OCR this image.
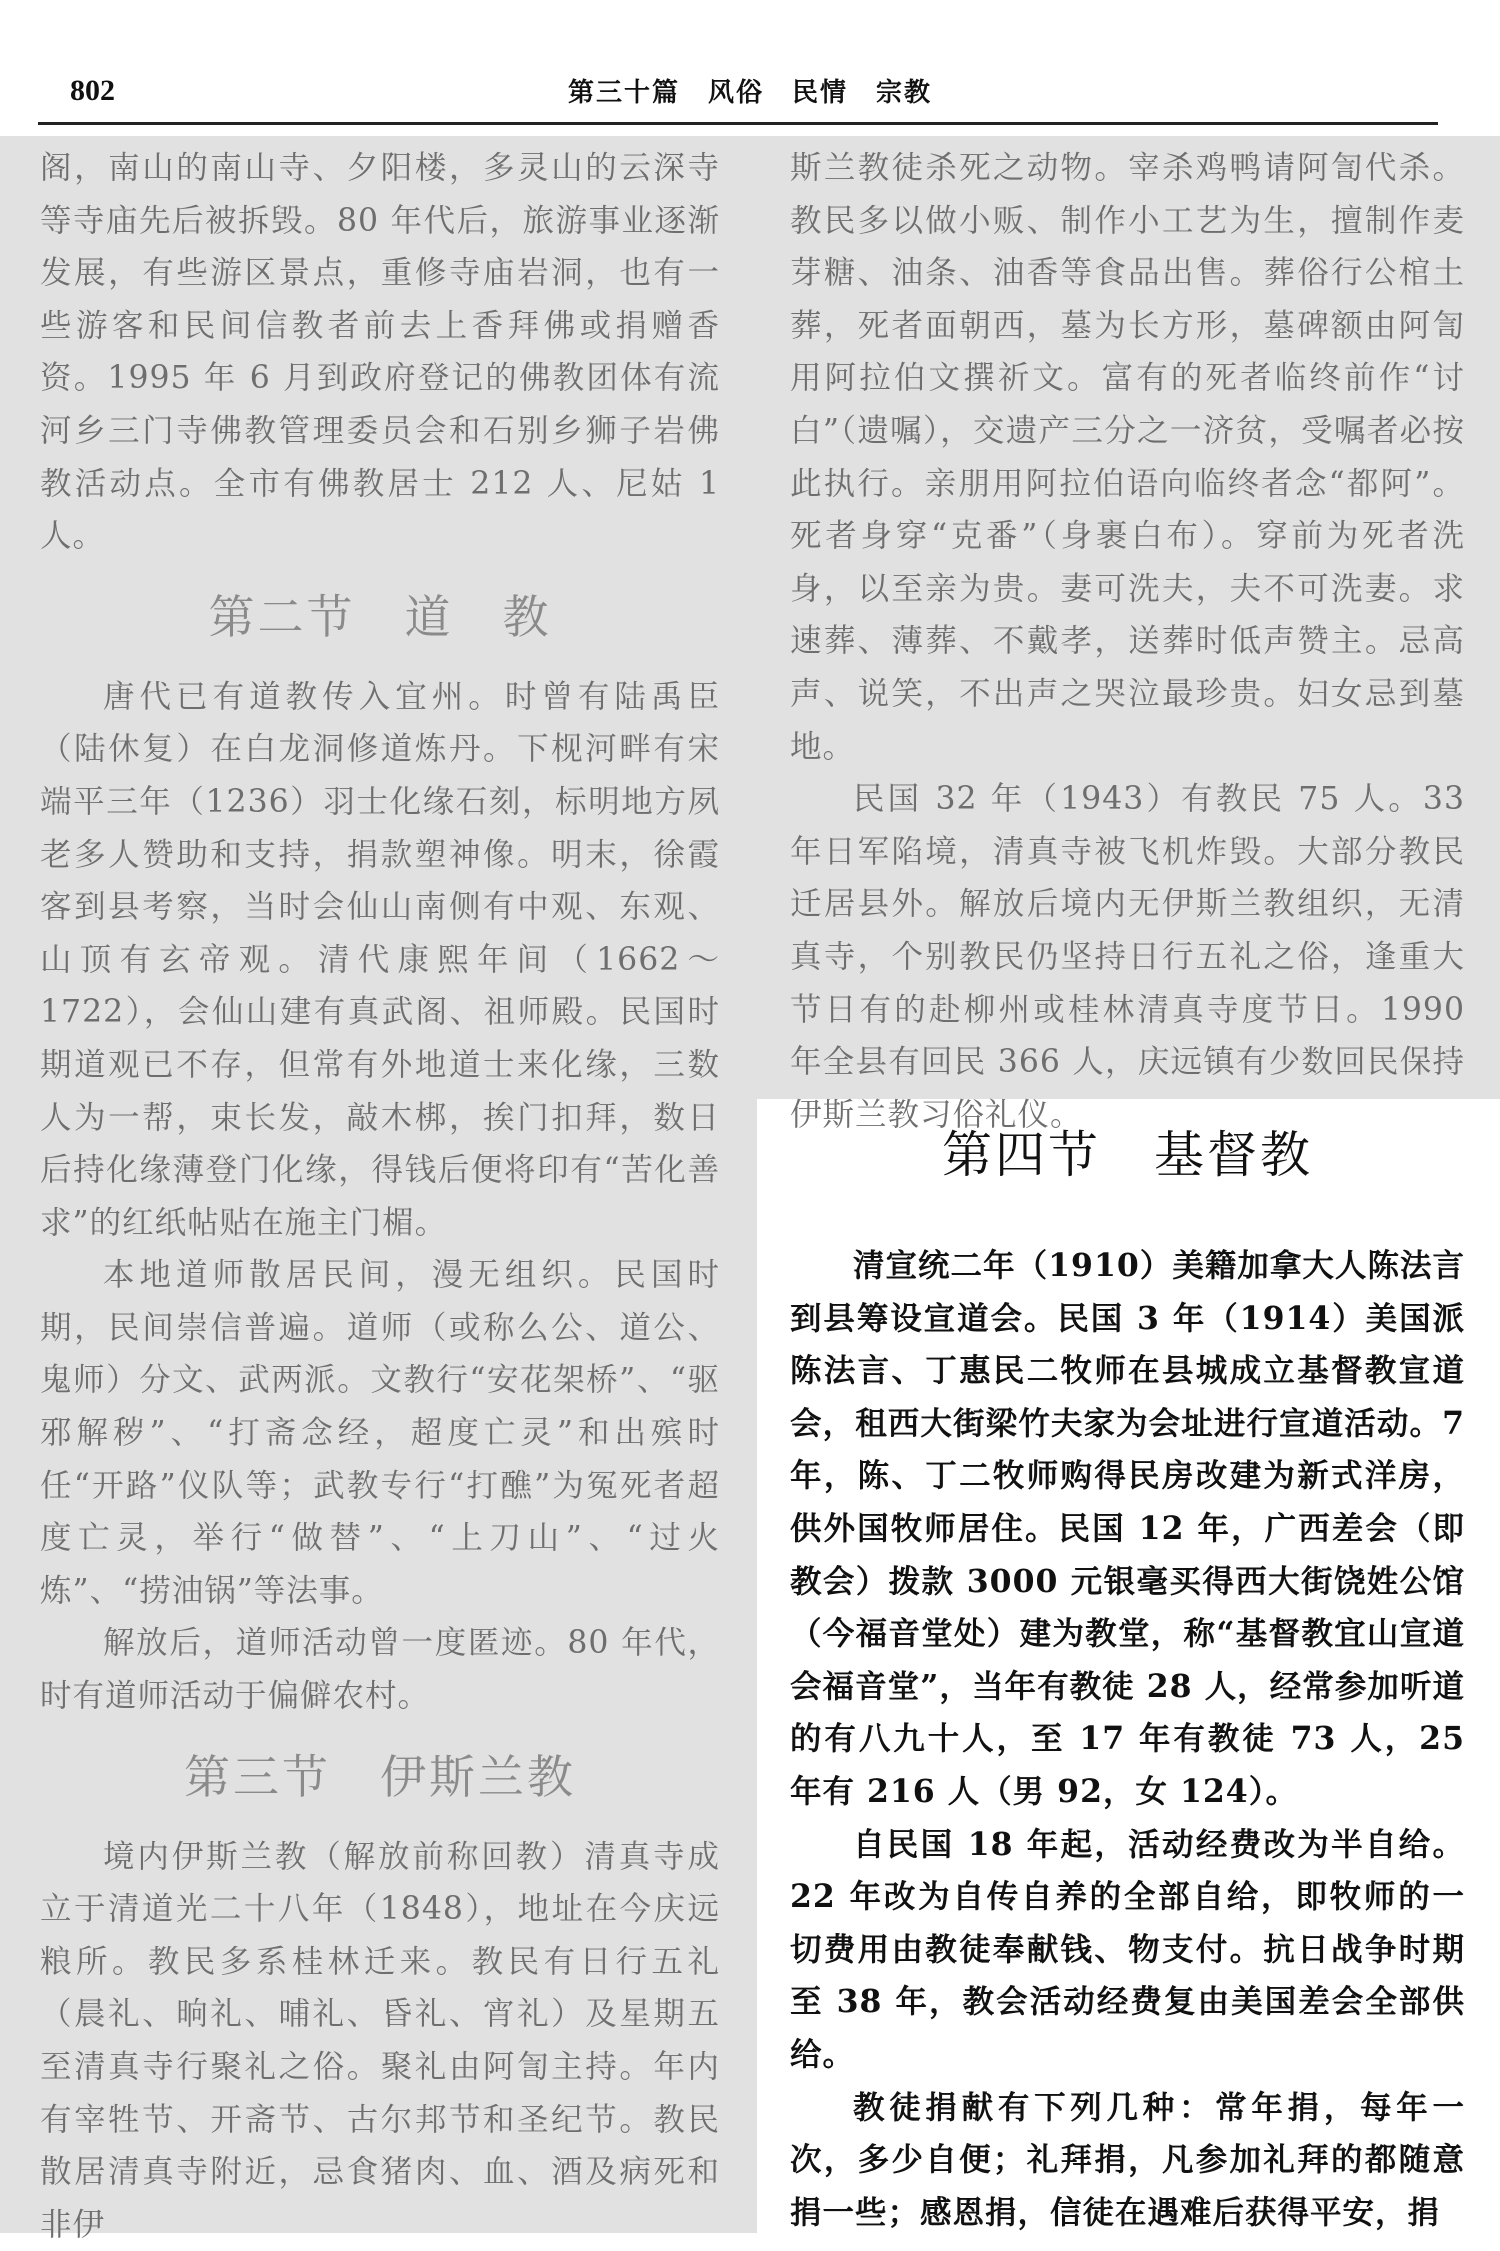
802	第三十篇　风俗　民情　宗教

阁，南山的南山寺、夕阳楼，多灵山的云深寺等寺庙先后被拆毁。80 年代后，旅游事业逐渐发展，有些游区景点，重修寺庙岩洞，也有一些游客和民间信教者前去上香拜佛或捐赠香资。1995 年 6 月到政府登记的佛教团体有流河乡三门寺佛教管理委员会和石别乡狮子岩佛教活动点。全市有佛教居士 212 人、尼姑 1 人。

第二节　道　教

唐代已有道教传入宜州。时曾有陆禹臣（陆休复）在白龙洞修道炼丹。下枧河畔有宋端平三年（1236）羽士化缘石刻，标明地方夙老多人赞助和支持，捐款塑神像。明末，徐霞客到县考察，当时会仙山南侧有中观、东观、山顶有玄帝观。清代康熙年间（1662～1722），会仙山建有真武阁、祖师殿。民国时期道观已不存，但常有外地道士来化缘，三数人为一帮，束长发，敲木梆，挨门扣拜，数日后持化缘薄登门化缘，得钱后便将印有“苦化善求”的红纸帖贴在施主门楣。

本地道师散居民间，漫无组织。民国时期，民间崇信普遍。道师（或称么公、道公、鬼师）分文、武两派。文教行“安花架桥”、“驱邪解秽”、“打斋念经，超度亡灵”和出殡时任“开路”仪队等；武教专行“打醮”为冤死者超度亡灵，举行“做替”、“上刀山”、“过火炼”、“捞油锅”等法事。

解放后，道师活动曾一度匿迹。80 年代，时有道师活动于偏僻农村。

第三节　伊斯兰教

境内伊斯兰教（解放前称回教）清真寺成立于清道光二十八年（1848），地址在今庆远粮所。教民多系桂林迁来。教民有日行五礼（晨礼、晌礼、晡礼、昏礼、宵礼）及星期五至清真寺行聚礼之俗。聚礼由阿訇主持。年内有宰牲节、开斋节、古尔邦节和圣纪节。教民散居清真寺附近，忌食猪肉、血、酒及病死和非伊

斯兰教徒杀死之动物。宰杀鸡鸭请阿訇代杀。教民多以做小贩、制作小工艺为生，擅制作麦芽糖、油条、油香等食品出售。葬俗行公棺土葬，死者面朝西，墓为长方形，墓碑额由阿訇用阿拉伯文撰祈文。富有的死者临终前作“讨白”（遗嘱），交遗产三分之一济贫，受嘱者必按此执行。亲朋用阿拉伯语向临终者念“都阿”。死者身穿“克番”（身裹白布）。穿前为死者洗身，以至亲为贵。妻可洗夫，夫不可洗妻。求速葬、薄葬、不戴孝，送葬时低声赞主。忌高声、说笑，不出声之哭泣最珍贵。妇女忌到墓地。

民国 32 年（1943）有教民 75 人。33 年日军陷境，清真寺被飞机炸毁。大部分教民迁居县外。解放后境内无伊斯兰教组织，无清真寺，个别教民仍坚持日行五礼之俗，逢重大节日有的赴柳州或桂林清真寺度节日。1990 年全县有回民 366 人，庆远镇有少数回民保持伊斯兰教习俗礼仪。

第四节　基督教

清宣统二年（1910）美籍加拿大人陈法言到县筹设宣道会。民国 3 年（1914）美国派陈法言、丁惠民二牧师在县城成立基督教宣道会，租西大街梁竹夫家为会址进行宣道活动。7 年，陈、丁二牧师购得民房改建为新式洋房，供外国牧师居住。民国 12 年，广西差会（即教会）拨款 3000 元银毫买得西大街饶姓公馆（今福音堂处）建为教堂，称“基督教宜山宣道会福音堂”，当年有教徒 28 人，经常参加听道的有八九十人，至 17 年有教徒 73 人，25 年有 216 人（男 92，女 124）。

自民国 18 年起，活动经费改为半自给。22 年改为自传自养的全部自给，即牧师的一切费用由教徒奉献钱、物支付。抗日战争时期至 38 年，教会活动经费复由美国差会全部供给。

教徒捐献有下列几种：常年捐，每年一次，多少自便；礼拜捐，凡参加礼拜的都随意捐一些；感恩捐，信徒在遇难后获得平安，捐
